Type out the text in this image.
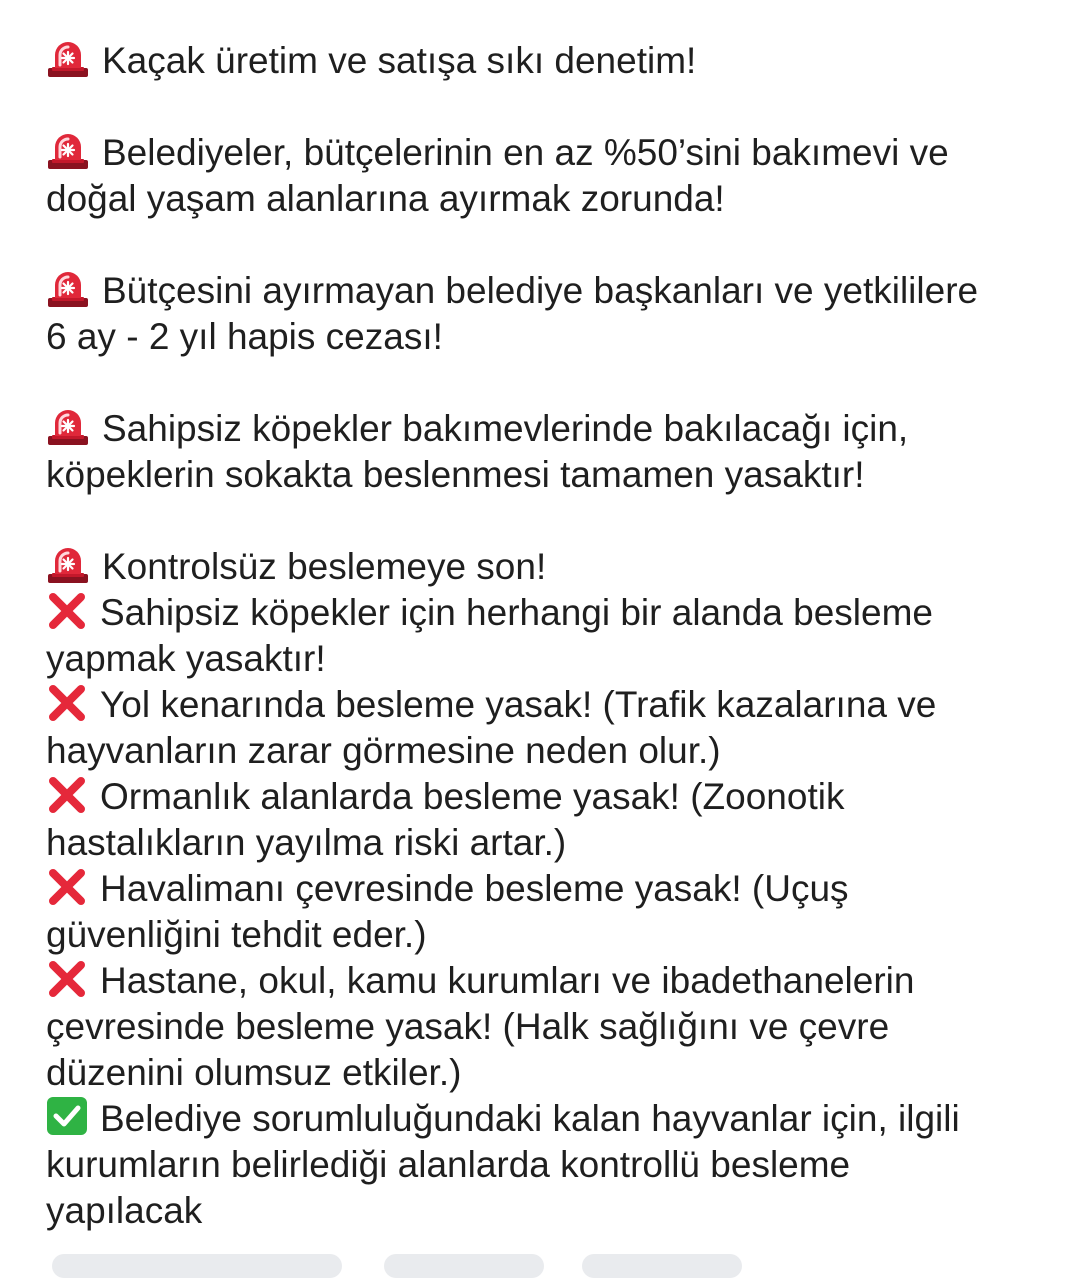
Kaçak üretim ve satışa sıkı denetim!

Belediyeler, bütçelerinin en az %50’sini bakımevi ve
doğal yaşam alanlarına ayırmak zorunda!

Bütçesini ayırmayan belediye başkanları ve yetkililere
6 ay - 2 yıl hapis cezası!

Sahipsiz köpekler bakımevlerinde bakılacağı için,
köpeklerin sokakta beslenmesi tamamen yasaktır!

Kontrolsüz beslemeye son!
Sahipsiz köpekler için herhangi bir alanda besleme
yapmak yasaktır!
Yol kenarında besleme yasak! (Trafik kazalarına ve
hayvanların zarar görmesine neden olur.)
Ormanlık alanlarda besleme yasak! (Zoonotik
hastalıkların yayılma riski artar.)
Havalimanı çevresinde besleme yasak! (Uçuş
güvenliğini tehdit eder.)
Hastane, okul, kamu kurumları ve ibadethanelerin
çevresinde besleme yasak! (Halk sağlığını ve çevre
düzenini olumsuz etkiler.)
Belediye sorumluluğundaki kalan hayvanlar için, ilgili
kurumların belirlediği alanlarda kontrollü besleme
yapılacak
